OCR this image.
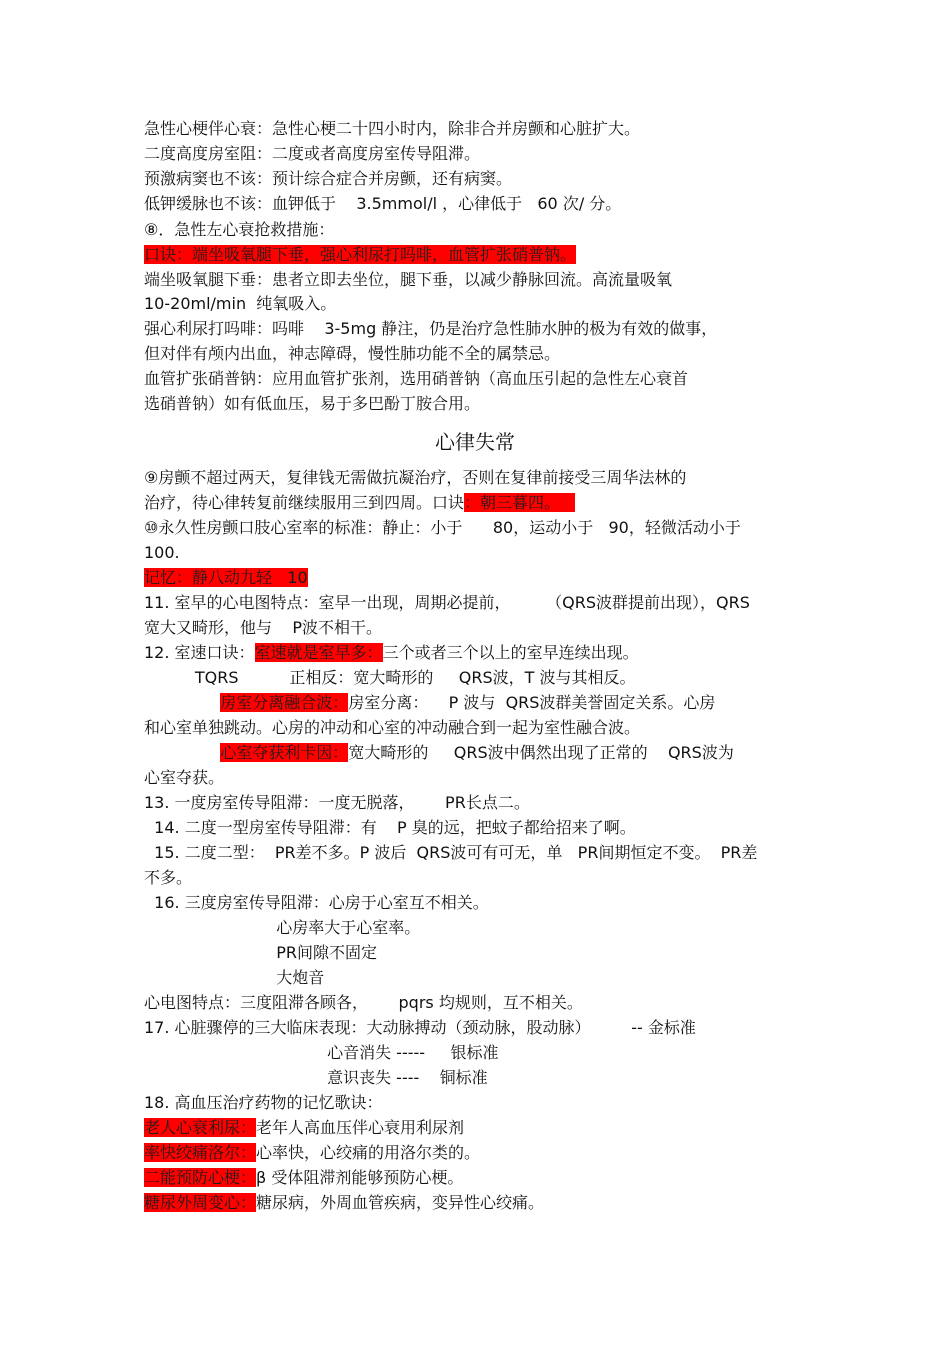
心律失常
急性心梗伴心衰：急性心梗二十四小时内，除非合并房颤和心脏扩大。
二度高度房室阻：二度或者高度房室传导阻滞。
预激病窦也不该：预计综合症合并房颤，还有病窦。
低钾缓脉也不该：血钾低于    3.5mmol/l ，心律低于   60 次/ 分。
⑧．急性左心衰抢救措施：
口诀：端坐吸氧腿下垂，强心利尿打吗啡，血管扩张硝普钠。
端坐吸氧腿下垂：患者立即去坐位，腿下垂，以减少静脉回流。高流量吸氧
10-20ml/min  纯氧吸入。
强心利尿打吗啡：吗啡    3-5mg 静注，仍是治疗急性肺水肿的极为有效的做事，
但对伴有颅内出血，神志障碍，慢性肺功能不全的属禁忌。
血管扩张硝普钠：应用血管扩张剂，选用硝普钠（高血压引起的急性左心衰首
选硝普钠）如有低血压，易于多巴酚丁胺合用。
⑨房颤不超过两天，复律钱无需做抗凝治疗，否则在复律前接受三周华法林的
治疗，待心律转复前继续服用三到四周。口诀：朝三暮四。
⑩永久性房颤口肢心室率的标准：静止：小于      80，运动小于   90，轻微活动小于
100.
记忆：静八动九轻   10
11. 室早的心电图特点：室早一出现，周期必提前，       （QRS波群提前出现），QRS
宽大又畸形，他与    P波不相干。
12. 室速口诀：室速就是室早多：三个或者三个以上的室早连续出现。
TQRS          正相反：宽大畸形的     QRS波，T 波与其相反。
房室分离融合波：房室分离：    P 波与  QRS波群美誉固定关系。心房
和心室单独跳动。心房的冲动和心室的冲动融合到一起为室性融合波。
心室夺获利卡因：宽大畸形的     QRS波中偶然出现了正常的    QRS波为
心室夺获。
13. 一度房室传导阻滞：一度无脱落，      PR长点二。
14. 二度一型房室传导阻滞：有    P 臭的远，把蚊子都给招来了啊。
15. 二度二型：  PR差不多。P 波后  QRS波可有可无，单   PR间期恒定不变。  PR差
不多。
16. 三度房室传导阻滞：心房于心室互不相关。
心房率大于心室率。
PR间隙不固定
大炮音
心电图特点：三度阻滞各顾各，      pqrs 均规则，互不相关。
17. 心脏骤停的三大临床表现：大动脉搏动（颈动脉，股动脉）        -- 金标准
心音消失 -----     银标准
意识丧失 ----    铜标准
18. 高血压治疗药物的记忆歌诀：
老人心衰利尿：老年人高血压伴心衰用利尿剂
率快绞痛洛尔：心率快，心绞痛的用洛尔类的。
二能预防心梗：β 受体阻滞剂能够预防心梗。
糖尿外周变心：糖尿病，外周血管疾病，变异性心绞痛。
